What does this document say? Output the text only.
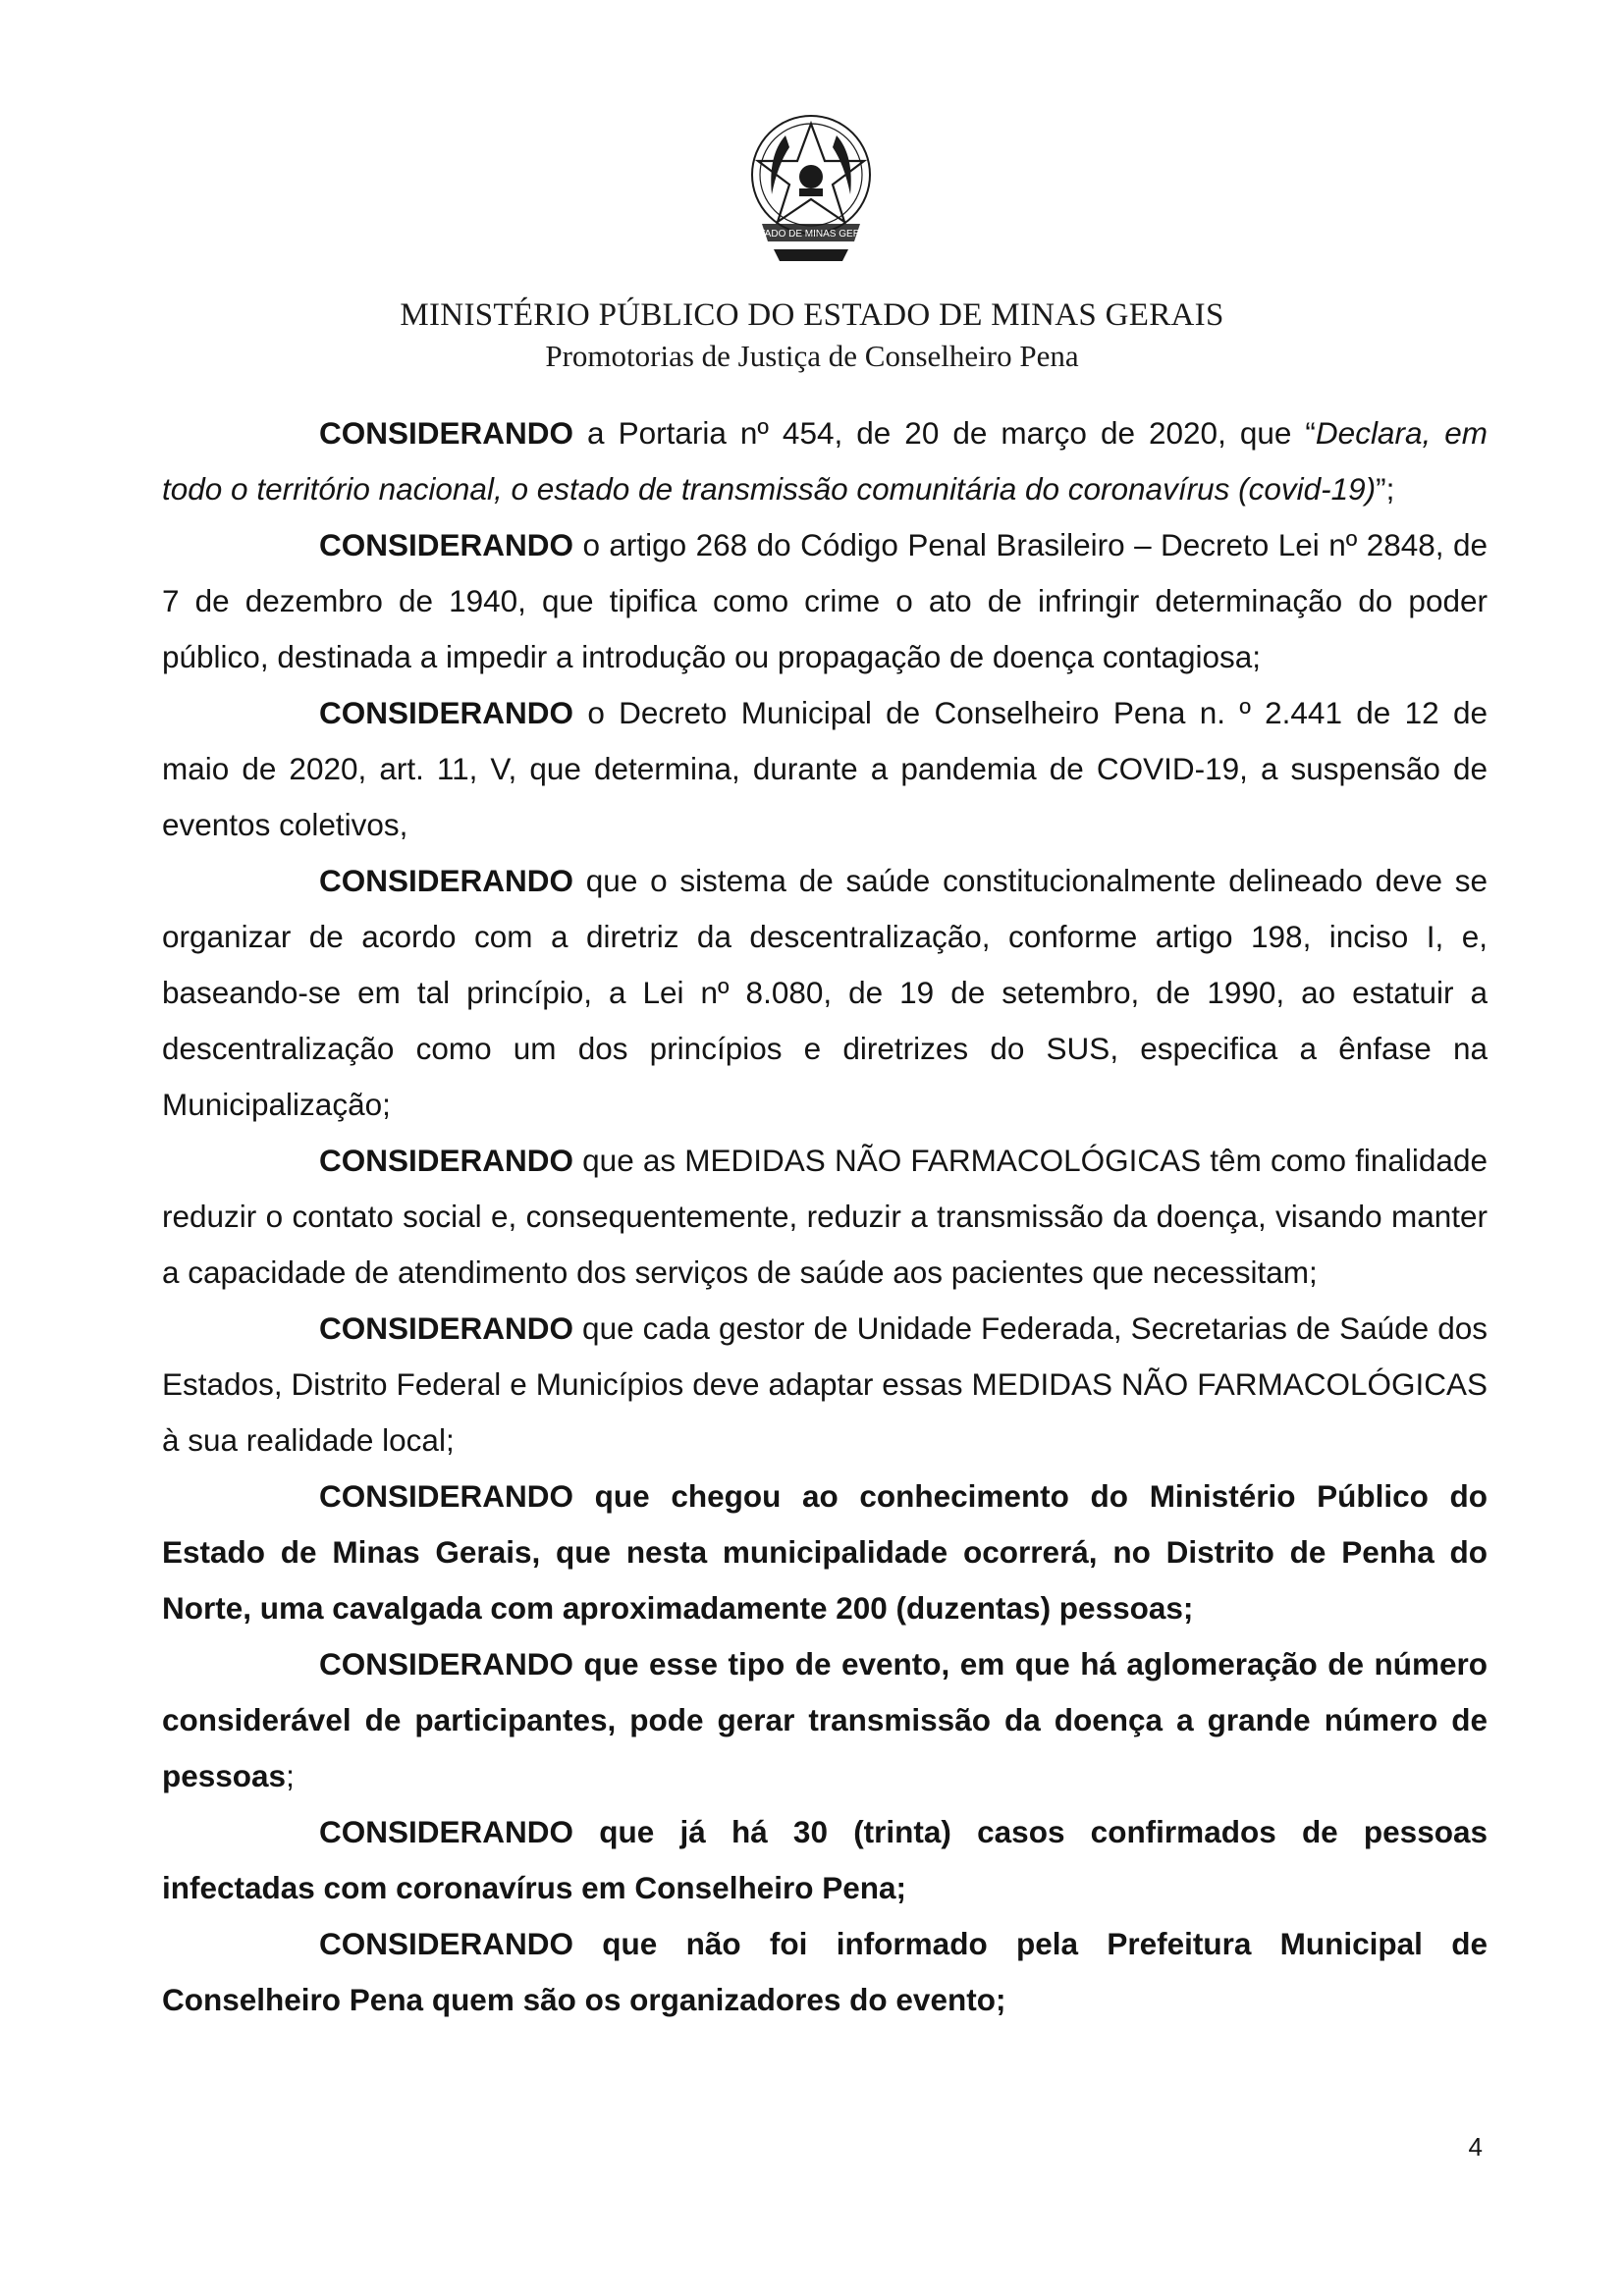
ESTADO DE MINAS GERAIS
MINISTÉRIO PÚBLICO DO ESTADO DE MINAS GERAIS
Promotorias de Justiça de Conselheiro Pena

CONSIDERANDO a Portaria nº 454, de 20 de março de 2020, que “Declara, em todo o território nacional, o estado de transmissão comunitária do coronavírus (covid-19)”;

CONSIDERANDO o artigo 268 do Código Penal Brasileiro – Decreto Lei nº 2848, de 7 de dezembro de 1940, que tipifica como crime o ato de infringir determinação do poder público, destinada a impedir a introdução ou propagação de doença contagiosa;

CONSIDERANDO o Decreto Municipal de Conselheiro Pena n. º 2.441 de 12 de maio de 2020, art. 11, V, que determina, durante a pandemia de COVID-19, a suspensão de eventos coletivos,

CONSIDERANDO que o sistema de saúde constitucionalmente delineado deve se organizar de acordo com a diretriz da descentralização, conforme artigo 198, inciso I, e, baseando-se em tal princípio, a Lei nº 8.080, de 19 de setembro, de 1990, ao estatuir a descentralização como um dos princípios e diretrizes do SUS, especifica a ênfase na Municipalização;

CONSIDERANDO que as MEDIDAS NÃO FARMACOLÓGICAS têm como finalidade reduzir o contato social e, consequentemente, reduzir a transmissão da doença, visando manter a capacidade de atendimento dos serviços de saúde aos pacientes que necessitam;

CONSIDERANDO que cada gestor de Unidade Federada, Secretarias de Saúde dos Estados, Distrito Federal e Municípios deve adaptar essas MEDIDAS NÃO FARMACOLÓGICAS à sua realidade local;

CONSIDERANDO que chegou ao conhecimento do Ministério Público do Estado de Minas Gerais, que nesta municipalidade ocorrerá, no Distrito de Penha do Norte, uma cavalgada com aproximadamente 200 (duzentas) pessoas;

CONSIDERANDO que esse tipo de evento, em que há aglomeração de número considerável de participantes, pode gerar transmissão da doença a grande número de pessoas;

CONSIDERANDO que já há 30 (trinta) casos confirmados de pessoas infectadas com coronavírus em Conselheiro Pena;

CONSIDERANDO que não foi informado pela Prefeitura Municipal de Conselheiro Pena quem são os organizadores do evento;

4
